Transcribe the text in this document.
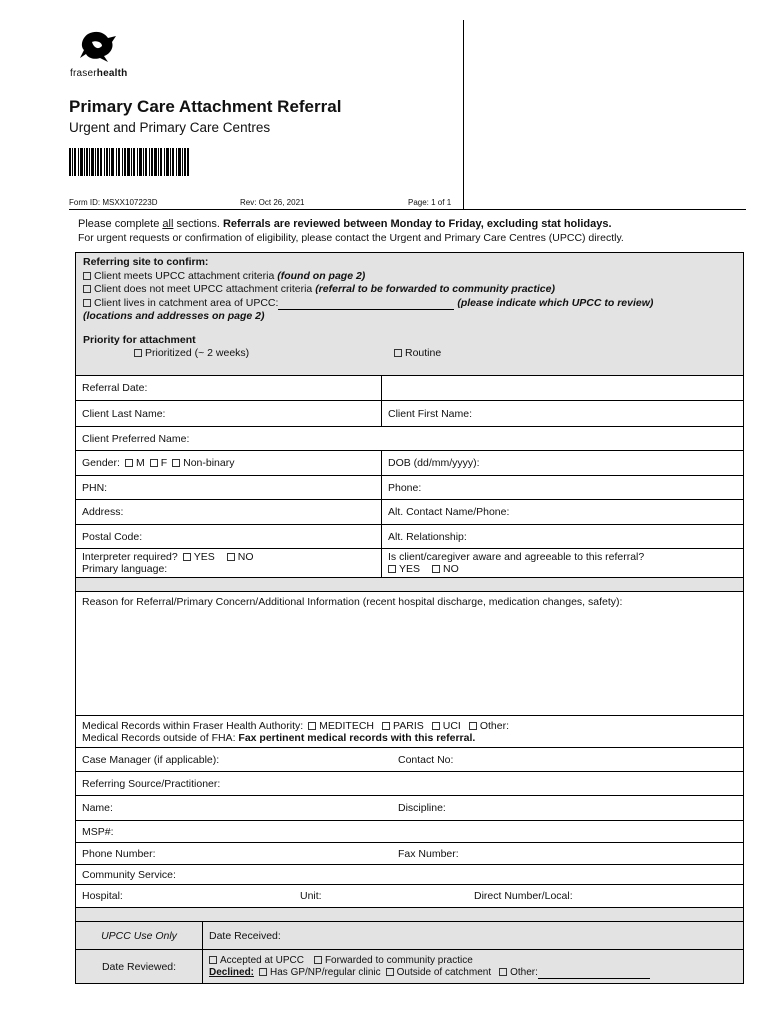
fraserhealth
Primary Care Attachment Referral
Urgent and Primary Care Centres
Form ID: MSXX107223D	Rev: Oct 26, 2021	Page: 1 of 1
Please complete all sections. Referrals are reviewed between Monday to Friday, excluding stat holidays.
For urgent requests or confirmation of eligibility, please contact the Urgent and Primary Care Centres (UPCC) directly.
Referring site to confirm:
Client meets UPCC attachment criteria (found on page 2)
Client does not meet UPCC attachment criteria (referral to be forwarded to community practice)
Client lives in catchment area of UPCC:	(please indicate which UPCC to review)
(locations and addresses on page 2)
Priority for attachment
Prioritized (~ 2 weeks)	Routine
Referral Date:
Client Last Name:	Client First Name:
Client Preferred Name:
Gender: M F Non-binary	DOB (dd/mm/yyyy):
PHN:	Phone:
Address:	Alt. Contact Name/Phone:
Postal Code:	Alt. Relationship:
Interpreter required? YES NO
Primary language:
Is client/caregiver aware and agreeable to this referral?
YES NO
Reason for Referral/Primary Concern/Additional Information (recent hospital discharge, medication changes, safety):
Medical Records within Fraser Health Authority: MEDITECH PARIS UCI Other:
Medical Records outside of FHA: Fax pertinent medical records with this referral.
Case Manager (if applicable):	Contact No:
Referring Source/Practitioner:
Name:	Discipline:
MSP#:
Phone Number:	Fax Number:
Community Service:
Hospital:	Unit:	Direct Number/Local:
UPCC Use Only	Date Received:
Date Reviewed:
Accepted at UPCC Forwarded to community practice
Declined: Has GP/NP/regular clinic Outside of catchment Other:
